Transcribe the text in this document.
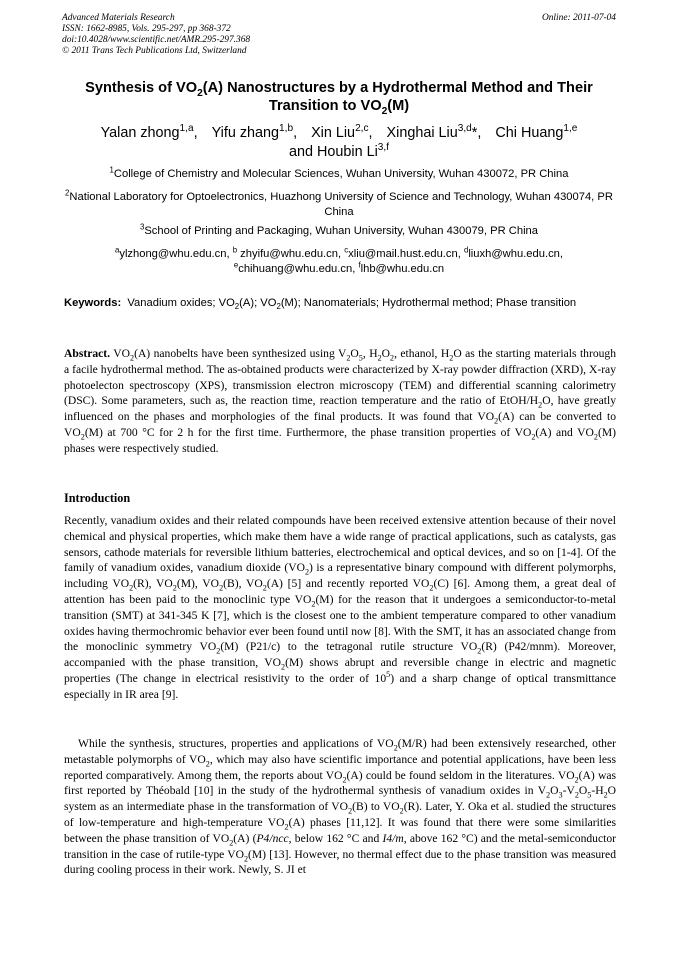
Advanced Materials Research
ISSN: 1662-8985, Vols. 295-297, pp 368-372
doi:10.4028/www.scientific.net/AMR.295-297.368
© 2011 Trans Tech Publications Ltd, Switzerland
Online: 2011-07-04
Synthesis of $VO_2(A)$ Nanostructures by a Hydrothermal Method and Their
Transition to $VO_2(M)$
Yalan zhong$^{1,a}$, Yifu zhang$^{1,b}$, Xin Liu$^{2,c}$, Xinghai Liu$^{3,d}$*, Chi Huang$^{1,e}$
and Houbin Li$^{3,f}$
$^1$College of Chemistry and Molecular Sciences, Wuhan University, Wuhan 430072, PR China
$^2$National Laboratory for Optoelectronics, Huazhong University of Science and Technology, Wuhan 430074, PR China
$^3$School of Printing and Packaging, Wuhan University, Wuhan 430079, PR China
$^a$ylzhong@whu.edu.cn, $^b$ zhyifu@whu.edu.cn, $^c$xliu@mail.hust.edu.cn, $^d$liuxh@whu.edu.cn,
$^e$chihuang@whu.edu.cn, $^f$lhb@whu.edu.cn
Keywords: Vanadium oxides; $VO_2(A)$; $VO_2(M)$; Nanomaterials; Hydrothermal method; Phase transition
Abstract. $VO_2(A)$ nanobelts have been synthesized using $V_2O_5$, $H_2O_2$, ethanol, $H_2O$ as the starting materials through a facile hydrothermal method. The as-obtained products were characterized by X-ray powder diffraction (XRD), X-ray photoelecton spectroscopy (XPS), transmission electron microscopy (TEM) and differential scanning calorimetry (DSC). Some parameters, such as, the reaction time, reaction temperature and the ratio of EtOH/$H_2O$, have greatly influenced on the phases and morphologies of the final products. It was found that $VO_2(A)$ can be converted to $VO_2(M)$ at 700 °C for 2 h for the first time. Furthermore, the phase transition properties of $VO_2(A)$ and $VO_2(M)$ phases were respectively studied.
Introduction
Recently, vanadium oxides and their related compounds have been received extensive attention because of their novel chemical and physical properties, which make them have a wide range of practical applications, such as catalysts, gas sensors, cathode materials for reversible lithium batteries, electrochemical and optical devices, and so on [1-4]. Of the family of vanadium oxides, vanadium dioxide $(VO_2)$ is a representative binary compound with different polymorphs, including $VO_2(R)$, $VO_2(M)$, $VO_2(B)$, $VO_2(A)$ [5] and recently reported $VO_2(C)$ [6]. Among them, a great deal of attention has been paid to the monoclinic type $VO_2(M)$ for the reason that it undergoes a semiconductor-to-metal transition (SMT) at 341-345 K [7], which is the closest one to the ambient temperature compared to other vanadium oxides having thermochromic behavior ever been found until now [8]. With the SMT, it has an associated change from the monoclinic symmetry $VO_2(M)$ (P21/c) to the tetragonal rutile structure $VO_2(R)$ (P42/mnm). Moreover, accompanied with the phase transition, $VO_2(M)$ shows abrupt and reversible change in electric and magnetic properties (The change in electrical resistivity to the order of $10^5$) and a sharp change of optical transmittance especially in IR area [9].
While the synthesis, structures, properties and applications of $VO_2(M/R)$ had been extensively researched, other metastable polymorphs of $VO_2$, which may also have scientific importance and potential applications, have been less reported comparatively. Among them, the reports about $VO_2(A)$ could be found seldom in the literatures. $VO_2(A)$ was first reported by Théobald [10] in the study of the hydrothermal synthesis of vanadium oxides in $V_2O_3-V_2O_5-H_2O$ system as an intermediate phase in the transformation of $VO_2(B)$ to $VO_2(R)$. Later, Y. Oka et al. studied the structures of low-temperature and high-temperature $VO_2(A)$ phases [11,12]. It was found that there were some similarities between the phase transition of $VO_2(A)$ (P4/ncc, below 162 °C and I4/m, above 162 °C) and the metal-semiconductor transition in the case of rutile-type $VO_2(M)$ [13]. However, no thermal effect due to the phase transition was measured during cooling process in their work. Newly, S. JI et
